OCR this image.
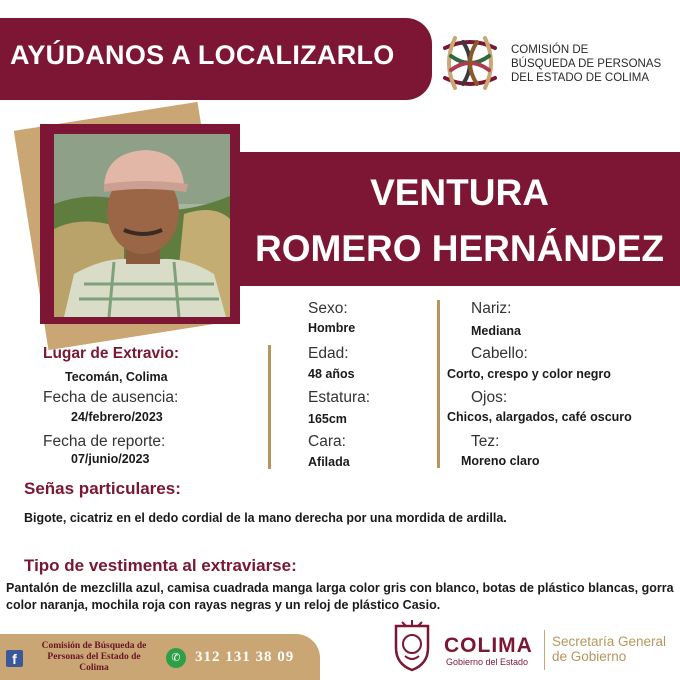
AYÚDANOS A LOCALIZARLO	COMISIÓN DE
BÚSQUEDA DE PERSONAS
DEL ESTADO DE COLIMA
VENTURA
ROMERO HERNÁNDEZ
Lugar de Extravio:
Tecomán, Colima
Fecha de ausencia:
24/febrero/2023
Fecha de reporte:
07/junio/2023
Sexo:
Hombre
Edad:
48 años
Estatura:
165cm
Cara:
Afilada
Nariz:
Mediana
Cabello:
Corto, crespo y color negro
Ojos:
Chicos, alargados, café oscuro
Tez:
Moreno claro
Señas particulares:
Bigote, cicatriz en el dedo cordial de la mano derecha por una mordida de ardilla.
Tipo de vestimenta al extraviarse:
Pantalón de mezclilla azul, camisa cuadrada manga larga color gris con blanco, botas de plástico blancas, gorra color naranja, mochila roja con rayas negras y un reloj de plástico Casio.
f
Comisión de Búsqueda de
Personas del Estado de
Colima
✆ 312 131 38 09	COLIMA
Gobierno del Estado
Secretaría General
de Gobierno
